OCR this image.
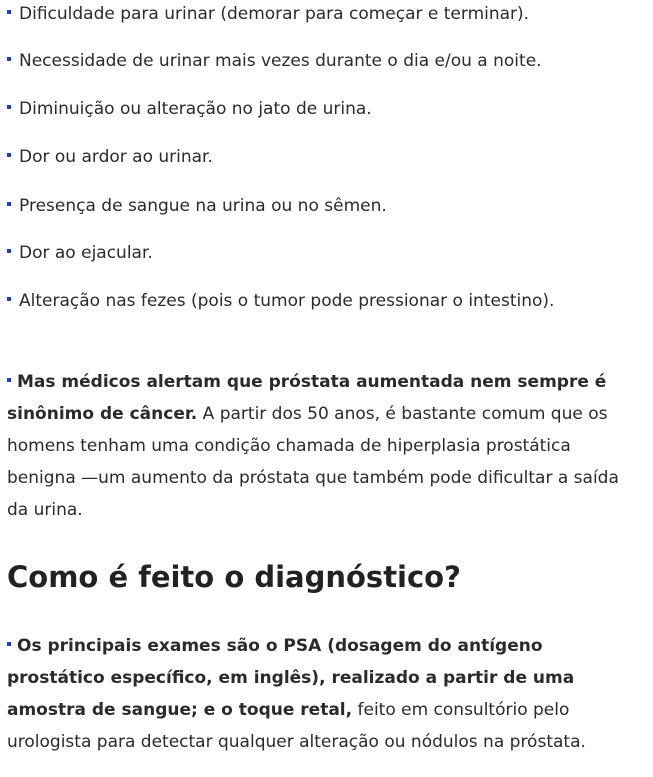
Dificuldade para urinar (demorar para começar e terminar).
Necessidade de urinar mais vezes durante o dia e/ou a noite.
Diminuição ou alteração no jato de urina.
Dor ou ardor ao urinar.
Presença de sangue na urina ou no sêmen.
Dor ao ejacular.
Alteração nas fezes (pois o tumor pode pressionar o intestino).

Mas médicos alertam que próstata aumentada nem sempre é sinônimo de câncer. A partir dos 50 anos, é bastante comum que os homens tenham uma condição chamada de hiperplasia prostática benigna —um aumento da próstata que também pode dificultar a saída da urina.

Como é feito o diagnóstico?

Os principais exames são o PSA (dosagem do antígeno prostático específico, em inglês), realizado a partir de uma amostra de sangue; e o toque retal, feito em consultório pelo urologista para detectar qualquer alteração ou nódulos na próstata.
